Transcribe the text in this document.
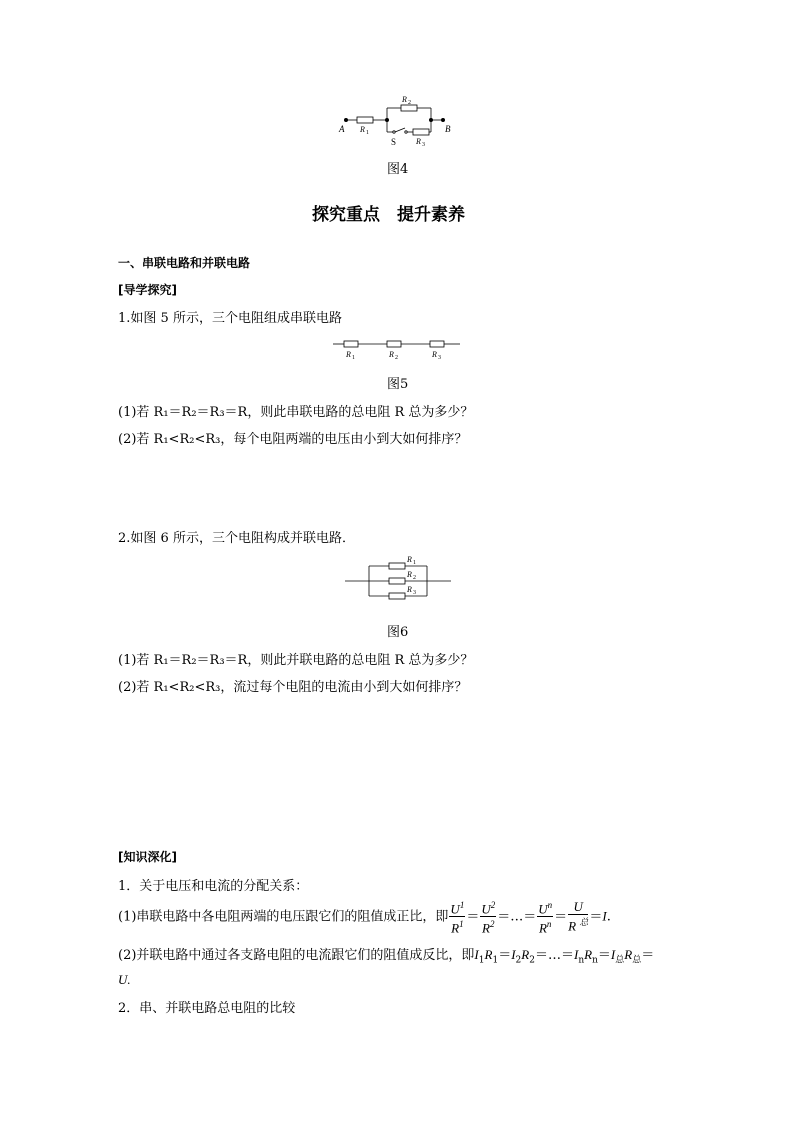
A	B
R 1
R 2
R 3
S
图4
探究重点　提升素养
一、串联电路和并联电路
[导学探究]
1.如图 5 所示，三个电阻组成串联电路
R 1	R 2	R 3
图5
(1)若 R₁＝R₂＝R₃＝R，则此串联电路的总电阻 R 总为多少？
(2)若 R₁<R₂<R₃，每个电阻两端的电压由小到大如何排序？
2.如图 6 所示，三个电阻构成并联电路．
R 1
R 2
R 3
图6
(1)若 R₁＝R₂＝R₃＝R，则此并联电路的总电阻 R 总为多少？
(2)若 R₁<R₂<R₃，流过每个电阻的电流由小到大如何排序？
[知识深化]
1．关于电压和电流的分配关系：
(1)串联电路中各电阻两端的电压跟它们的阻值成正比，即 $\frac{U^1}{R^1} = \frac{U^2}{R^2}$ ＝…＝ $\frac{U^n}{R^n} = \frac{U}{R ^总} =I$.
(2)并联电路中通过各支路电阻的电流跟它们的阻值成反比，即$I_1R_1=I_2R_2=\dots=I_nR_n=I_总R_总=$
U.
2．串、并联电路总电阻的比较
